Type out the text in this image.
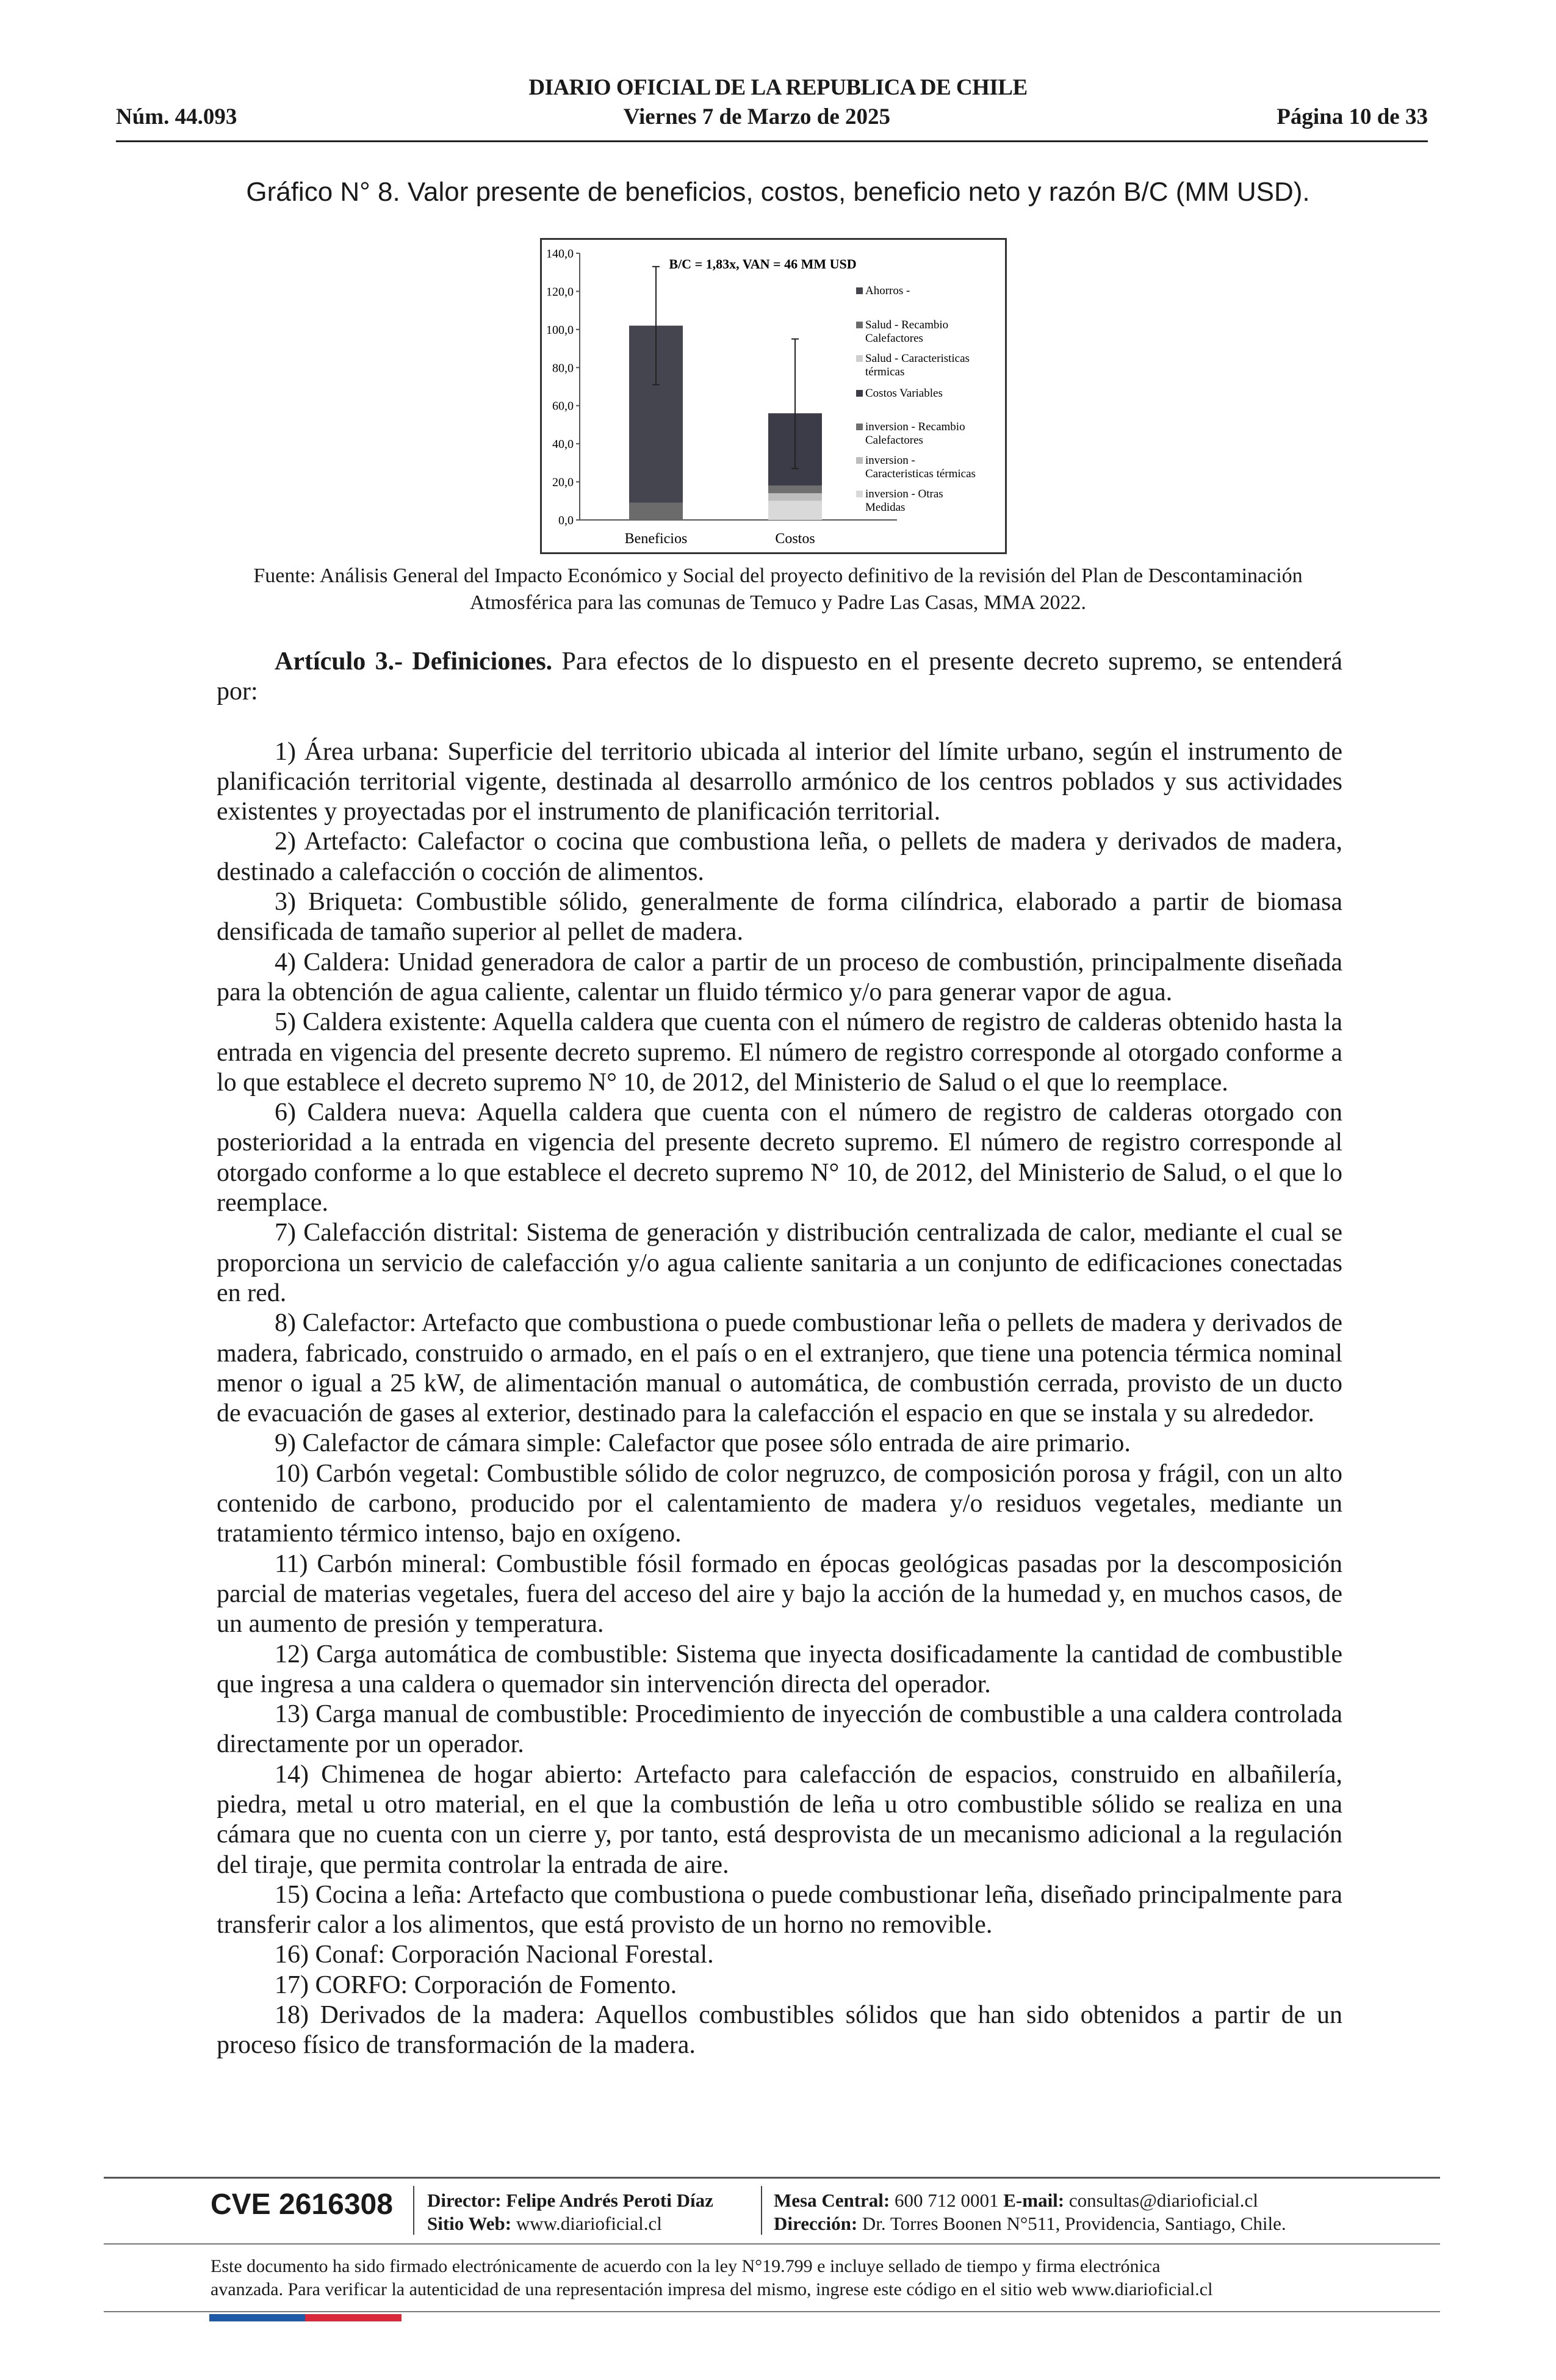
DIARIO OFICIAL DE LA REPUBLICA DE CHILE
Núm. 44.093	Viernes 7 de Marzo de 2025	Página 10 de 33
Gráfico N° 8. Valor presente de beneficios, costos, beneficio neto y razón B/C (MM USD).
0,0
20,0
40,0
60,0
80,0
100,0
120,0
140,0
Beneficios	Costos
Ahorros -
Salud - Recambio Calefactores
Salud - Caracteristicas térmicas
Costos Variables
inversion - Recambio Calefactores
inversion -Caracteristicas térmicas
inversion - Otras Medidas
B/C = 1,83x, VAN = 46 MM USD
Fuente: Análisis General del Impacto Económico y Social del proyecto definitivo de la revisión del Plan de Descontaminación Atmosférica para las comunas de Temuco y Padre Las Casas, MMA 2022.

Artículo 3.- Definiciones. Para efectos de lo dispuesto en el presente decreto supremo, se entenderá por:

1) Área urbana: Superficie del territorio ubicada al interior del límite urbano, según el instrumento de planificación territorial vigente, destinada al desarrollo armónico de los centros poblados y sus actividades existentes y proyectadas por el instrumento de planificación territorial.

2) Artefacto: Calefactor o cocina que combustiona leña, o pellets de madera y derivados de madera, destinado a calefacción o cocción de alimentos.

3) Briqueta: Combustible sólido, generalmente de forma cilíndrica, elaborado a partir de biomasa densificada de tamaño superior al pellet de madera.

4) Caldera: Unidad generadora de calor a partir de un proceso de combustión, principalmente diseñada para la obtención de agua caliente, calentar un fluido térmico y/o para generar vapor de agua.

5) Caldera existente: Aquella caldera que cuenta con el número de registro de calderas obtenido hasta la entrada en vigencia del presente decreto supremo. El número de registro corresponde al otorgado conforme a lo que establece el decreto supremo N° 10, de 2012, del Ministerio de Salud o el que lo reemplace.

6) Caldera nueva: Aquella caldera que cuenta con el número de registro de calderas otorgado con posterioridad a la entrada en vigencia del presente decreto supremo. El número de registro corresponde al otorgado conforme a lo que establece el decreto supremo N° 10, de 2012, del Ministerio de Salud, o el que lo reemplace.

7) Calefacción distrital: Sistema de generación y distribución centralizada de calor, mediante el cual se proporciona un servicio de calefacción y/o agua caliente sanitaria a un conjunto de edificaciones conectadas en red.

8) Calefactor: Artefacto que combustiona o puede combustionar leña o pellets de madera y derivados de madera, fabricado, construido o armado, en el país o en el extranjero, que tiene una potencia térmica nominal menor o igual a 25 kW, de alimentación manual o automática, de combustión cerrada, provisto de un ducto de evacuación de gases al exterior, destinado para la calefacción el espacio en que se instala y su alrededor.

9) Calefactor de cámara simple: Calefactor que posee sólo entrada de aire primario.

10) Carbón vegetal: Combustible sólido de color negruzco, de composición porosa y frágil, con un alto contenido de carbono, producido por el calentamiento de madera y/o residuos vegetales, mediante un tratamiento térmico intenso, bajo en oxígeno.

11) Carbón mineral: Combustible fósil formado en épocas geológicas pasadas por la descomposición parcial de materias vegetales, fuera del acceso del aire y bajo la acción de la humedad y, en muchos casos, de un aumento de presión y temperatura.

12) Carga automática de combustible: Sistema que inyecta dosificadamente la cantidad de combustible que ingresa a una caldera o quemador sin intervención directa del operador.

13) Carga manual de combustible: Procedimiento de inyección de combustible a una caldera controlada directamente por un operador.

14) Chimenea de hogar abierto: Artefacto para calefacción de espacios, construido en albañilería, piedra, metal u otro material, en el que la combustión de leña u otro combustible sólido se realiza en una cámara que no cuenta con un cierre y, por tanto, está desprovista de un mecanismo adicional a la regulación del tiraje, que permita controlar la entrada de aire.

15) Cocina a leña: Artefacto que combustiona o puede combustionar leña, diseñado principalmente para transferir calor a los alimentos, que está provisto de un horno no removible.

16) Conaf: Corporación Nacional Forestal.

17) CORFO: Corporación de Fomento.

18) Derivados de la madera: Aquellos combustibles sólidos que han sido obtenidos a partir de un proceso físico de transformación de la madera.

CVE 2616308 Director: Felipe Andrés Peroti Díaz
Sitio Web: www.diarioficial.cl
Mesa Central: 600 712 0001 E-mail: consultas@diarioficial.cl
Dirección: Dr. Torres Boonen N°511, Providencia, Santiago, Chile.
Este documento ha sido firmado electrónicamente de acuerdo con la ley N°19.799 e incluye sellado de tiempo y firma electrónica
avanzada. Para verificar la autenticidad de una representación impresa del mismo, ingrese este código en el sitio web www.diarioficial.cl
